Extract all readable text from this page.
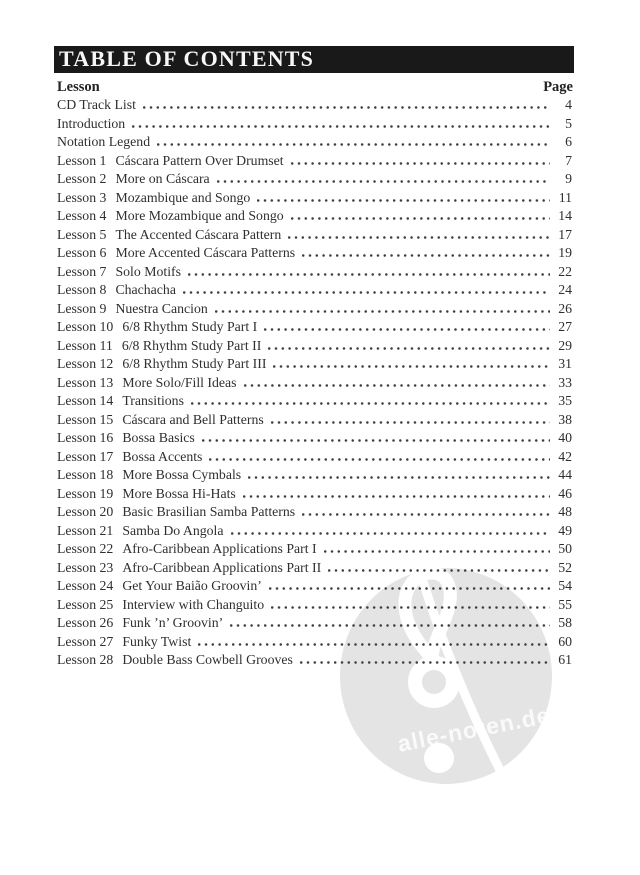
alle-noten.de
TABLE OF CONTENTS
Lesson	Page
CD Track List	4
Introduction	5
Notation Legend	6
Lesson 1 Cáscara Pattern Over Drumset	7
Lesson 2 More on Cáscara	9
Lesson 3 Mozambique and Songo	11
Lesson 4 More Mozambique and Songo	14
Lesson 5 The Accented Cáscara Pattern	17
Lesson 6 More Accented Cáscara Patterns	19
Lesson 7 Solo Motifs	22
Lesson 8 Chachacha	24
Lesson 9 Nuestra Cancion	26
Lesson 10 6/8 Rhythm Study Part I	27
Lesson 11 6/8 Rhythm Study Part II	29
Lesson 12 6/8 Rhythm Study Part III	31
Lesson 13 More Solo/Fill Ideas	33
Lesson 14 Transitions	35
Lesson 15 Cáscara and Bell Patterns	38
Lesson 16 Bossa Basics	40
Lesson 17 Bossa Accents	42
Lesson 18 More Bossa Cymbals	44
Lesson 19 More Bossa Hi-Hats	46
Lesson 20 Basic Brasilian Samba Patterns	48
Lesson 21 Samba Do Angola	49
Lesson 22 Afro-Caribbean Applications Part I	50
Lesson 23 Afro-Caribbean Applications Part II	52
Lesson 24 Get Your Baião Groovin’	54
Lesson 25 Interview with Changuito	55
Lesson 26 Funk ’n’ Groovin’	58
Lesson 27 Funky Twist	60
Lesson 28 Double Bass Cowbell Grooves	61
